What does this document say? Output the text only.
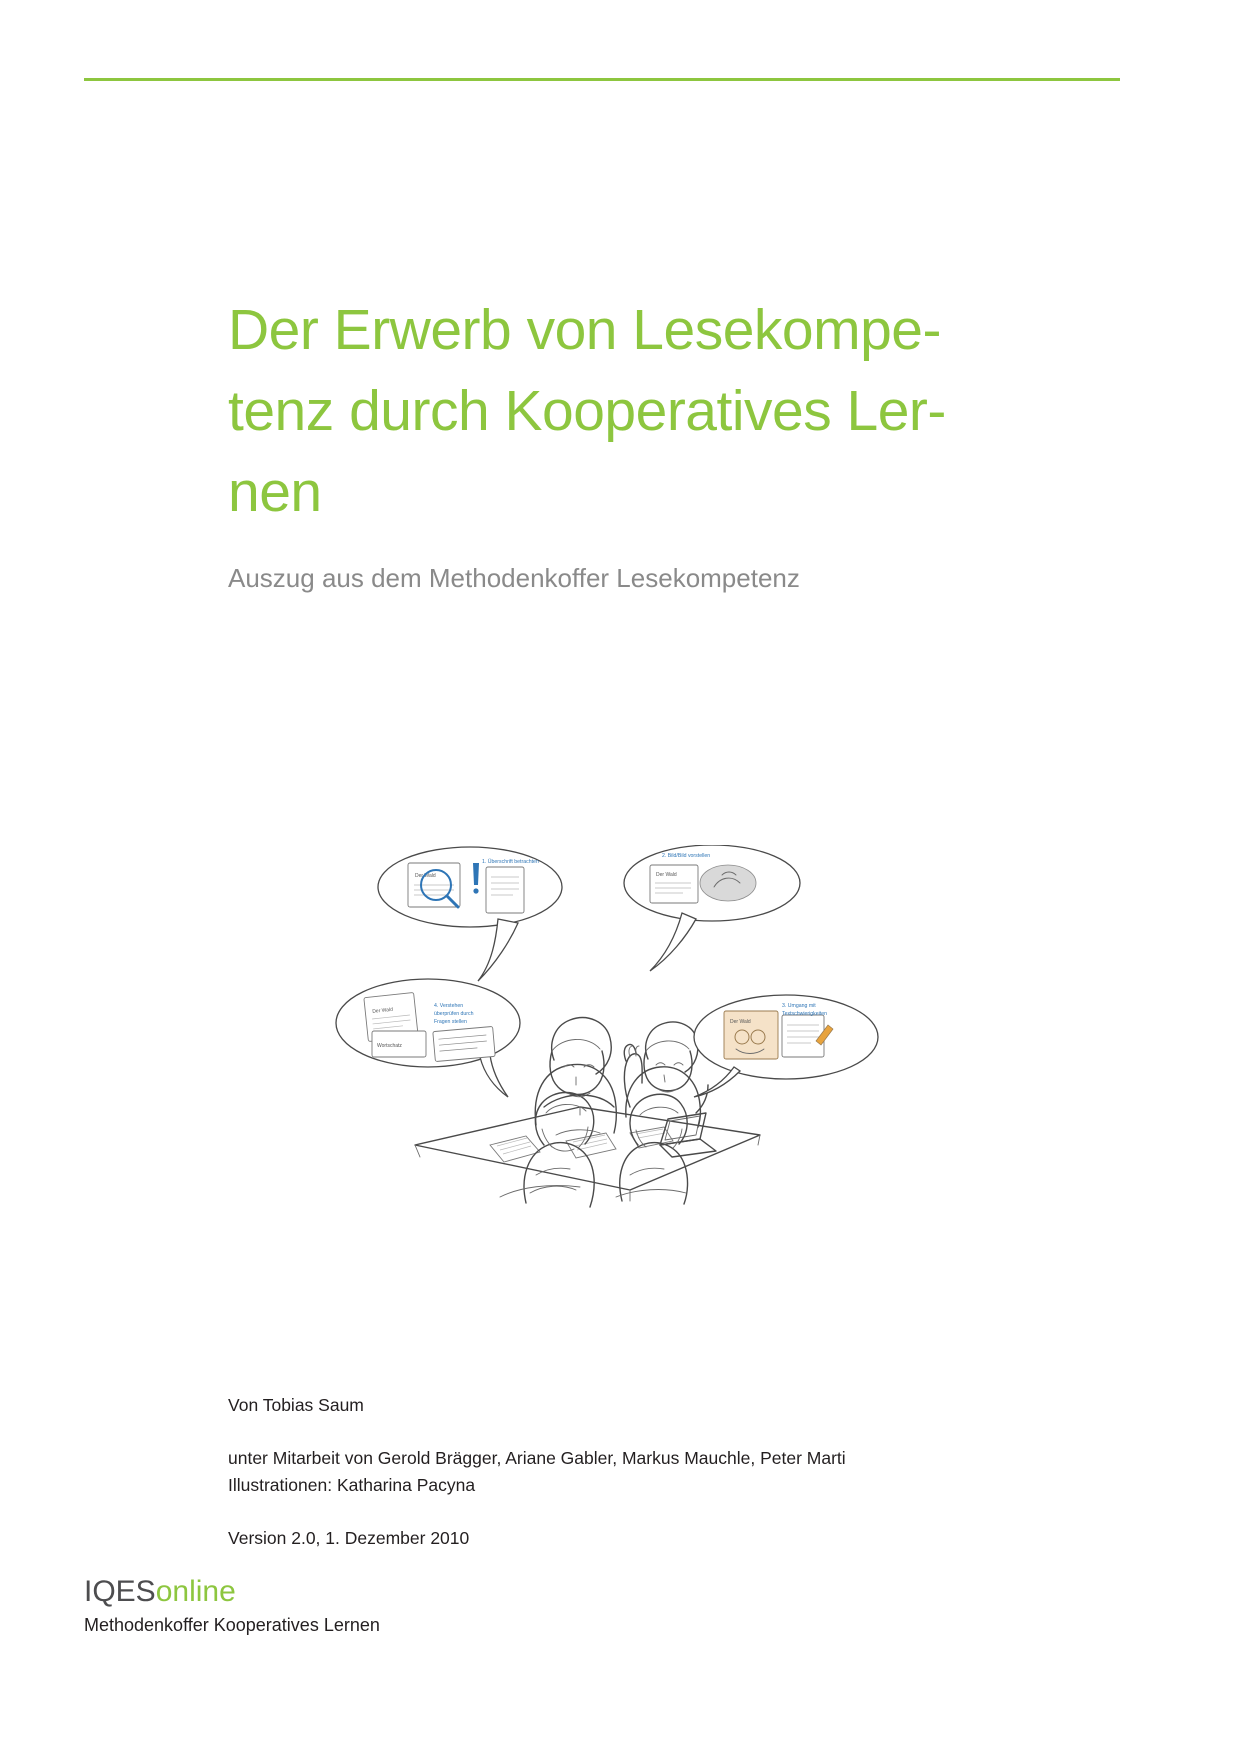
Der Erwerb von Lesekompe-
tenz durch Kooperatives Ler-
nen

Auszug aus dem Methodenkoffer Lesekompetenz

Der Wald
1. Überschrift betrachten
Der Wald
2. Bild/Bild vorstellen
Der Wald
Wortschatz
4. Verstehen
überprüfen durch
Fragen stellen	Der Wald
3. Umgang mit
Textschwierigkeiten

Von Tobias Saum

unter Mitarbeit von Gerold Brägger, Ariane Gabler, Markus Mauchle, Peter Marti

Illustrationen: Katharina Pacyna

Version 2.0, 1. Dezember 2010

IQESonline
Methodenkoffer Kooperatives Lernen
